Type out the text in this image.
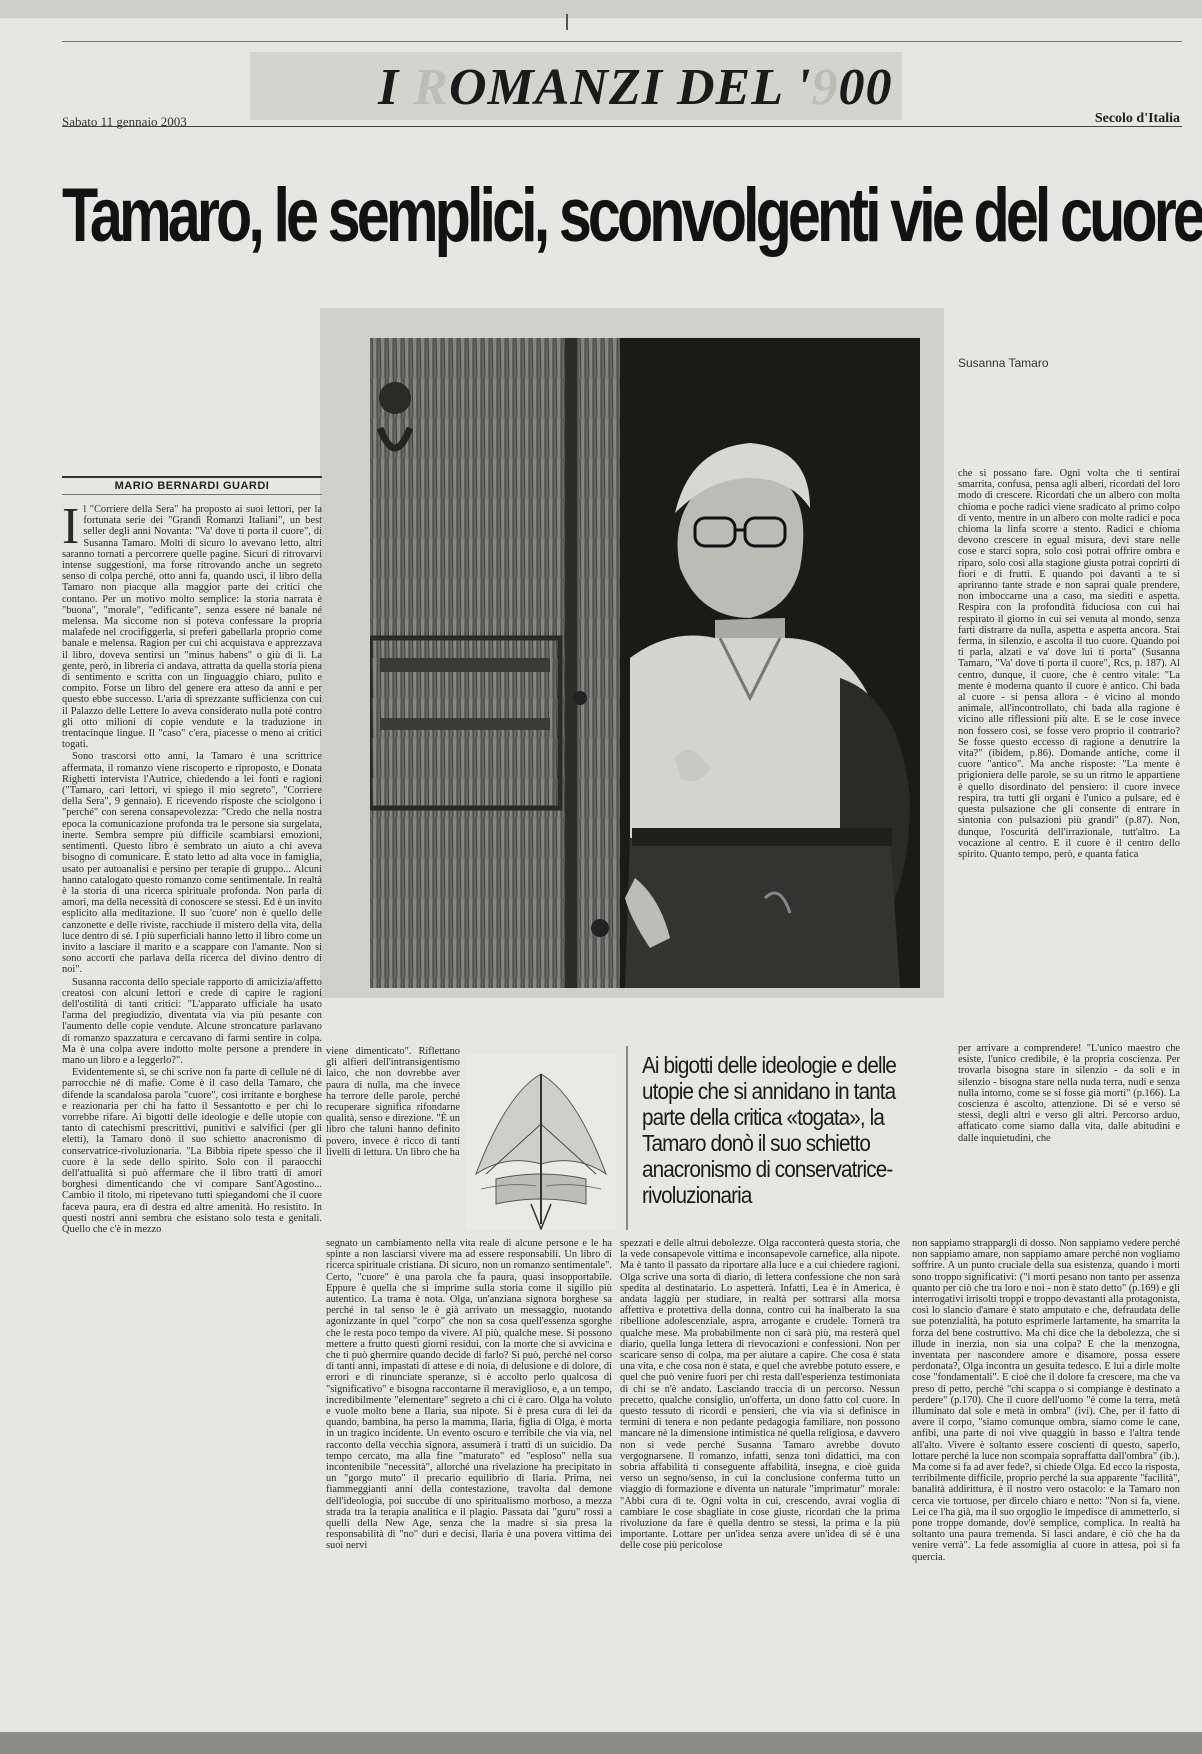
I ROMANZI DEL '900
Sabato 11 gennaio 2003	Secolo d'Italia
Tamaro, le semplici, sconvolgenti vie del cuore
Susanna Tamaro
MARIO BERNARDI GUARDI
I l "Corriere della Sera" ha proposto ai suoi lettori, per la fortunata serie dei "Grandi Romanzi Italiani", un best seller degli anni Novanta: "Va' dove ti porta il cuore", di Susanna Tamaro. Molti di sicuro lo avevano letto, altri saranno tornati a percorrere quelle pagine. Sicuri di ritrovarvi intense suggestioni, ma forse ritrovando anche un segreto senso di colpa perché, otto anni fa, quando uscì, il libro della Tamaro non piacque alla maggior parte dei critici che contano. Per un motivo molto semplice: la storia narrata è "buona", "morale", "edificante", senza essere né banale né melensa. Ma siccome non si poteva confessare la propria malafede nel crocifiggerla, si preferì gabellarla proprio come banale e melensa. Ragion per cui chi acquistava e apprezzava il libro, doveva sentirsi un "minus habens" o giù di lì. La gente, però, in libreria ci andava, attratta da quella storia piena di sentimento e scritta con un linguaggio chiaro, pulito e compìto. Forse un libro del genere era atteso da anni e per questo ebbe successo. L'aria di sprezzante sufficienza con cui il Palazzo delle Lettere lo aveva considerato nulla poté contro gli otto milioni di copie vendute e la traduzione in trentacinque lingue. Il "caso" c'era, piacesse o meno ai critici togati.

Sono trascorsi otto anni, la Tamaro è una scrittrice affermata, il romanzo viene riscoperto e riproposto, e Donata Righetti intervista l'Autrice, chiedendo a lei fonti e ragioni ("Tamaro, cari lettori, vi spiego il mio segreto", "Corriere della Sera", 9 gennaio). E ricevendo risposte che sciolgono i "perché" con serena consapevolezza: "Credo che nella nostra epoca la comunicazione profonda tra le persone sia surgelata, inerte. Sembra sempre più difficile scambiarsi emozioni, sentimenti. Questo libro è sembrato un aiuto a chi aveva bisogno di comunicare. È stato letto ad alta voce in famiglia, usato per autoanalisi e persino per terapie di gruppo... Alcuni hanno catalogato questo romanzo come sentimentale. In realtà è la storia di una ricerca spirituale profonda. Non parla di amori, ma della necessità di conoscere se stessi. Ed è un invito esplicito alla meditazione. Il suo 'cuore' non è quello delle canzonette e delle riviste, racchiude il mistero della vita, della luce dentro di sé. I più superficiali hanno letto il libro come un invito a lasciare il marito e a scappare con l'amante. Non si sono accorti che parlava della ricerca del divino dentro di noi".

Susanna racconta dello speciale rapporto di amicizia/affetto creatosi con alcuni lettori e crede di capire le ragioni dell'ostilità di tanti critici: "L'apparato ufficiale ha usato l'arma del pregiudizio, diventata via via più pesante con l'aumento delle copie vendute. Alcune stroncature parlavano di romanzo spazzatura e cercavano di farmi sentire in colpa. Ma è una colpa avere indotto molte persone a prendere in mano un libro e a leggerlo?".

Evidentemente sì, se chi scrive non fa parte di cellule né di parrocchie né di mafie. Come è il caso della Tamaro, che difende la scandalosa parola "cuore", così irritante e borghese e reazionaria per chi ha fatto il Sessantotto e per chi lo vorrebbe rifare. Ai bigotti delle ideologie e delle utopie con tanto di catechismi prescrittivi, punitivi e salvifici (per gli eletti), la Tamaro donò il suo schietto anacronismo di conservatrice-rivoluzionaria. "La Bibbia ripete spesso che il cuore è la sede dello spirito. Solo con il paraocchi dell'attualità si può affermare che il libro tratti di amori borghesi dimenticando che vi compare Sant'Agostino... Cambio il titolo, mi ripetevano tutti spiegandomi che il cuore faceva paura, era di destra ed altre amenità. Ho resistito. In questi nostri anni sembra che esistano solo testa e genitali. Quello che c'è in mezzo

viene dimenticato". Riflettano gli alfieri dell'intransigentismo laico, che non dovrebbe aver paura di nulla, ma che invece ha terrore delle parole, perché recuperare significa rifondarne qualità, senso e direzione. "È un libro che taluni hanno definito povero, invece è ricco di tanti livelli di lettura. Un libro che ha

Ai bigotti delle ideologie e delle utopie che si annidano in tanta parte della critica «togata», la Tamaro donò il suo schietto anacronismo di conservatrice-rivoluzionaria

segnato un cambiamento nella vita reale di alcune persone e le ha spinte a non lasciarsi vivere ma ad essere responsabili. Un libro di ricerca spirituale cristiana. Di sicuro, non un romanzo sentimentale". Certo, "cuore" è una parola che fa paura, quasi insopportabile. Eppure è quella che si imprime sulla storia come il sigillo più autentico. La trama è nota. Olga, un'anziana signora borghese sa perché in tal senso le è già arrivato un messaggio, nuotando agonizzante in quel "corpo" che non sa cosa quell'essenza sgorghe che le resta poco tempo da vivere. Al più, qualche mese. Si possono mettere a frutto questi giorni residui, con la morte che si avvicina e che ti può ghermire quando decide di farlo? Sì può, perché nel corso di tanti anni, impastati di attese e di noia, di delusione e di dolore, di errori e di rinunciate speranze, si è accolto perlo qualcosa di "significativo" e bisogna raccontarne il meraviglioso, e, a un tempo, incredibilmente "elementare" segreto a chi ci è caro. Olga ha voluto e vuole molto bene a Ilaria, sua nipote. Si è presa cura di lei da quando, bambina, ha perso la mamma, Ilaria, figlia di Olga, è morta in un tragico incidente. Un evento oscuro e terribile che via via, nel racconto della vecchia signora, assumerà i tratti di un suicidio. Da tempo cercato, ma alla fine "maturato" ed "esploso" nella sua incontenibile "necessità", allorché una rivelazione ha precipitato in un "gorgo muto" il precario equilibrio di Ilaria. Prima, nei fiammeggianti anni della contestazione, travolta dal demone dell'ideologia, poi succube di uno spiritualismo morboso, a mezza strada tra la terapia analitica e il plagio. Passata dai "guru" rossi a quelli della New Age, senza che la madre si sia presa la responsabilità di "no" duri e decisi, Ilaria è una povera vittima dei suoi nervi

spezzati e delle altrui debolezze. Olga racconterà questa storia, che la vede consapevole vittima e inconsapevole carnefice, alla nipote. Ma è tanto il passato da riportare alla luce e a cui chiedere ragioni. Olga scrive una sorta di diario, di lettera confessione che non sarà spedita al destinatario. Lo aspetterà. Infatti, Lea è in America, è andata laggiù per studiare, in realtà per sottrarsi alla morsa affettiva e protettiva della donna, contro cui ha inalberato la sua ribellione adolescenziale, aspra, arrogante e crudele. Tornerà tra qualche mese. Ma probabilmente non ci sarà più, ma resterà quel diario, quella lunga lettera di rievocazioni e confessioni. Non per scaricare senso di colpa, ma per aiutare a capire. Che cosa è stata una vita, e che cosa non è stata, e quel che avrebbe potuto essere, e quel che può venire fuori per chi resta dall'esperienza testimoniata di chi se n'è andato. Lasciando traccia di un percorso. Nessun precetto, qualche consiglio, un'offerta, un dono fatto col cuore. In questo tessuto di ricordi e pensieri, che via via si definisce in termini di tenera e non pedante pedagogia familiare, non possono mancare nè la dimensione intimistica né quella religiosa, e davvero non si vede perché Susanna Tamaro avrebbe dovuto vergognarsene. Il romanzo, infatti, senza toni didattici, ma con sobria affabilità ti conseguente affabilità, insegna, e cioè guida verso un segno/senso, in cui la conclusione conferma tutto un viaggio di formazione e diventa un naturale "imprimatur" morale: "Abbi cura di te. Ogni volta in cui, crescendo, avrai voglia di cambiare le cose sbagliate in cose giuste, ricordati che la prima rivoluzione da fare è quella dentro se stessi, la prima e la più importante. Lottare per un'idea senza avere un'idea di sé è una delle cose più pericolose

che si possano fare. Ogni volta che ti sentirai smarrita, confusa, pensa agli alberi, ricordati del loro modo di crescere. Ricordati che un albero con molta chioma e poche radici viene sradicato al primo colpo di vento, mentre in un albero con molte radici e poca chioma la linfa scorre a stento. Radici e chioma devono crescere in egual misura, devi stare nelle cose e starci sopra, solo così potrai offrire ombra e riparo, solo così alla stagione giusta potrai coprirti di fiori e di frutti. E quando poi davanti a te si apriranno tante strade e non saprai quale prendere, non imboccarne una a caso, ma siediti e aspetta. Respira con la profondità fiduciosa con cui hai respirato il giorno in cui sei venuta al mondo, senza farti distrarre da nulla, aspetta e aspetta ancora. Stai ferma, in silenzio, e ascolta il tuo cuore. Quando poi ti parla, alzati e va' dove lui ti porta" (Susanna Tamaro, "Va' dove ti porta il cuore", Rcs, p. 187). Al centro, dunque, il cuore, che è centro vitale: "La mente è moderna quanto il cuore è antico. Chi bada al cuore - si pensa allora - è vicino al mondo animale, all'incontrollato, chi bada alla ragione è vicino alle riflessioni più alte. E se le cose invece non fossero così, se fosse vero proprio il contrario? Se fosse questo eccesso di ragione a denutrire la vita?" (ibidem, p.86). Domande antiche, come il cuore "antico". Ma anche risposte: "La mente è prigioniera delle parole, se su un ritmo le appartiene è quello disordinato del pensiero: il cuore invece respira, tra tutti gli organi è l'unico a pulsare, ed è questa pulsazione che gli consente di entrare in sintonia con pulsazioni più grandi" (p.87). Non, dunque, l'oscurità dell'irrazionale, tutt'altro. La vocazione al centro. E il cuore è il centro dello spirito. Quanto tempo, però, e quanta fatica

per arrivare a comprendere! "L'unico maestro che esiste, l'unico credibile, è la propria coscienza. Per trovarla bisogna stare in silenzio - da soli e in silenzio - bisogna stare nella nuda terra, nudi e senza nulla intorno, come se si fosse già morti" (p.166). La coscienza è ascolto, attenzione. Di sé e verso sé stessi, degli altri e verso gli altri. Percorso arduo, affaticato come siamo dalla vita, dalle abitudini e dalle inquietudini, che

non sappiamo strappargli di dosso. Non sappiamo vedere perché non sappiamo amare, non sappiamo amare perché non vogliamo soffrire. A un punto cruciale della sua esistenza, quando i morti sono troppo significativi: ("i morti pesano non tanto per assenza quanto per ciò che tra loro e noi - non è stato detto" (p.169) e gli interrogativi irrisolti troppi e troppo devastanti alla protagonista, così lo slancio d'amare è stato amputato e che, defraudata delle sue potenzialità, ha potuto esprimerle lartamente, ha smarrita la forza del bene costruttivo. Ma chi dice che la debolezza, che si illude in inerzia, non sia una colpa? E che la menzogna, inventata per nascondere amore e disamore, possa essere perdonata?, Olga incontra un gesuita tedesco. E lui a dirle molte cose "fondamentali". E cioè che il dolore fa crescere, ma che va preso di petto, perché "chi scappa o si compiange è destinato a perdere" (p.170). Che il cuore dell'uomo "è come la terra, metà illuminato dal sole e metà in ombra" (ivi). Che, per il fatto di avere il corpo, "siamo comunque ombra, siamo come le cane, anfibi, una parte di noi vive quaggiù in basso e l'altra tende all'alto. Vivere è soltanto essere coscienti di questo, saperlo, lottare perché la luce non scompaia sopraffatta dall'ombra" (ib.). Ma come si fa ad aver fede?, si chiede Olga. Ed ecco la risposta, terribilmente difficile, proprio perché la sua apparente "facilità", banalità addirittura, è il nostro vero ostacolo: e la Tamaro non cerca vie tortuose, per dircelo chiaro e netto: "Non si fa, viene. Lei ce l'ha già, ma il suo orgoglio le impedisce di ammetterlo, si pone troppe domande, dov'è semplice, complica. In realtà ha soltanto una paura tremenda. Si lasci andare, è ciò che ha da venire verrà". La fede assomiglia al cuore in attesa, poi si fa quercia.
